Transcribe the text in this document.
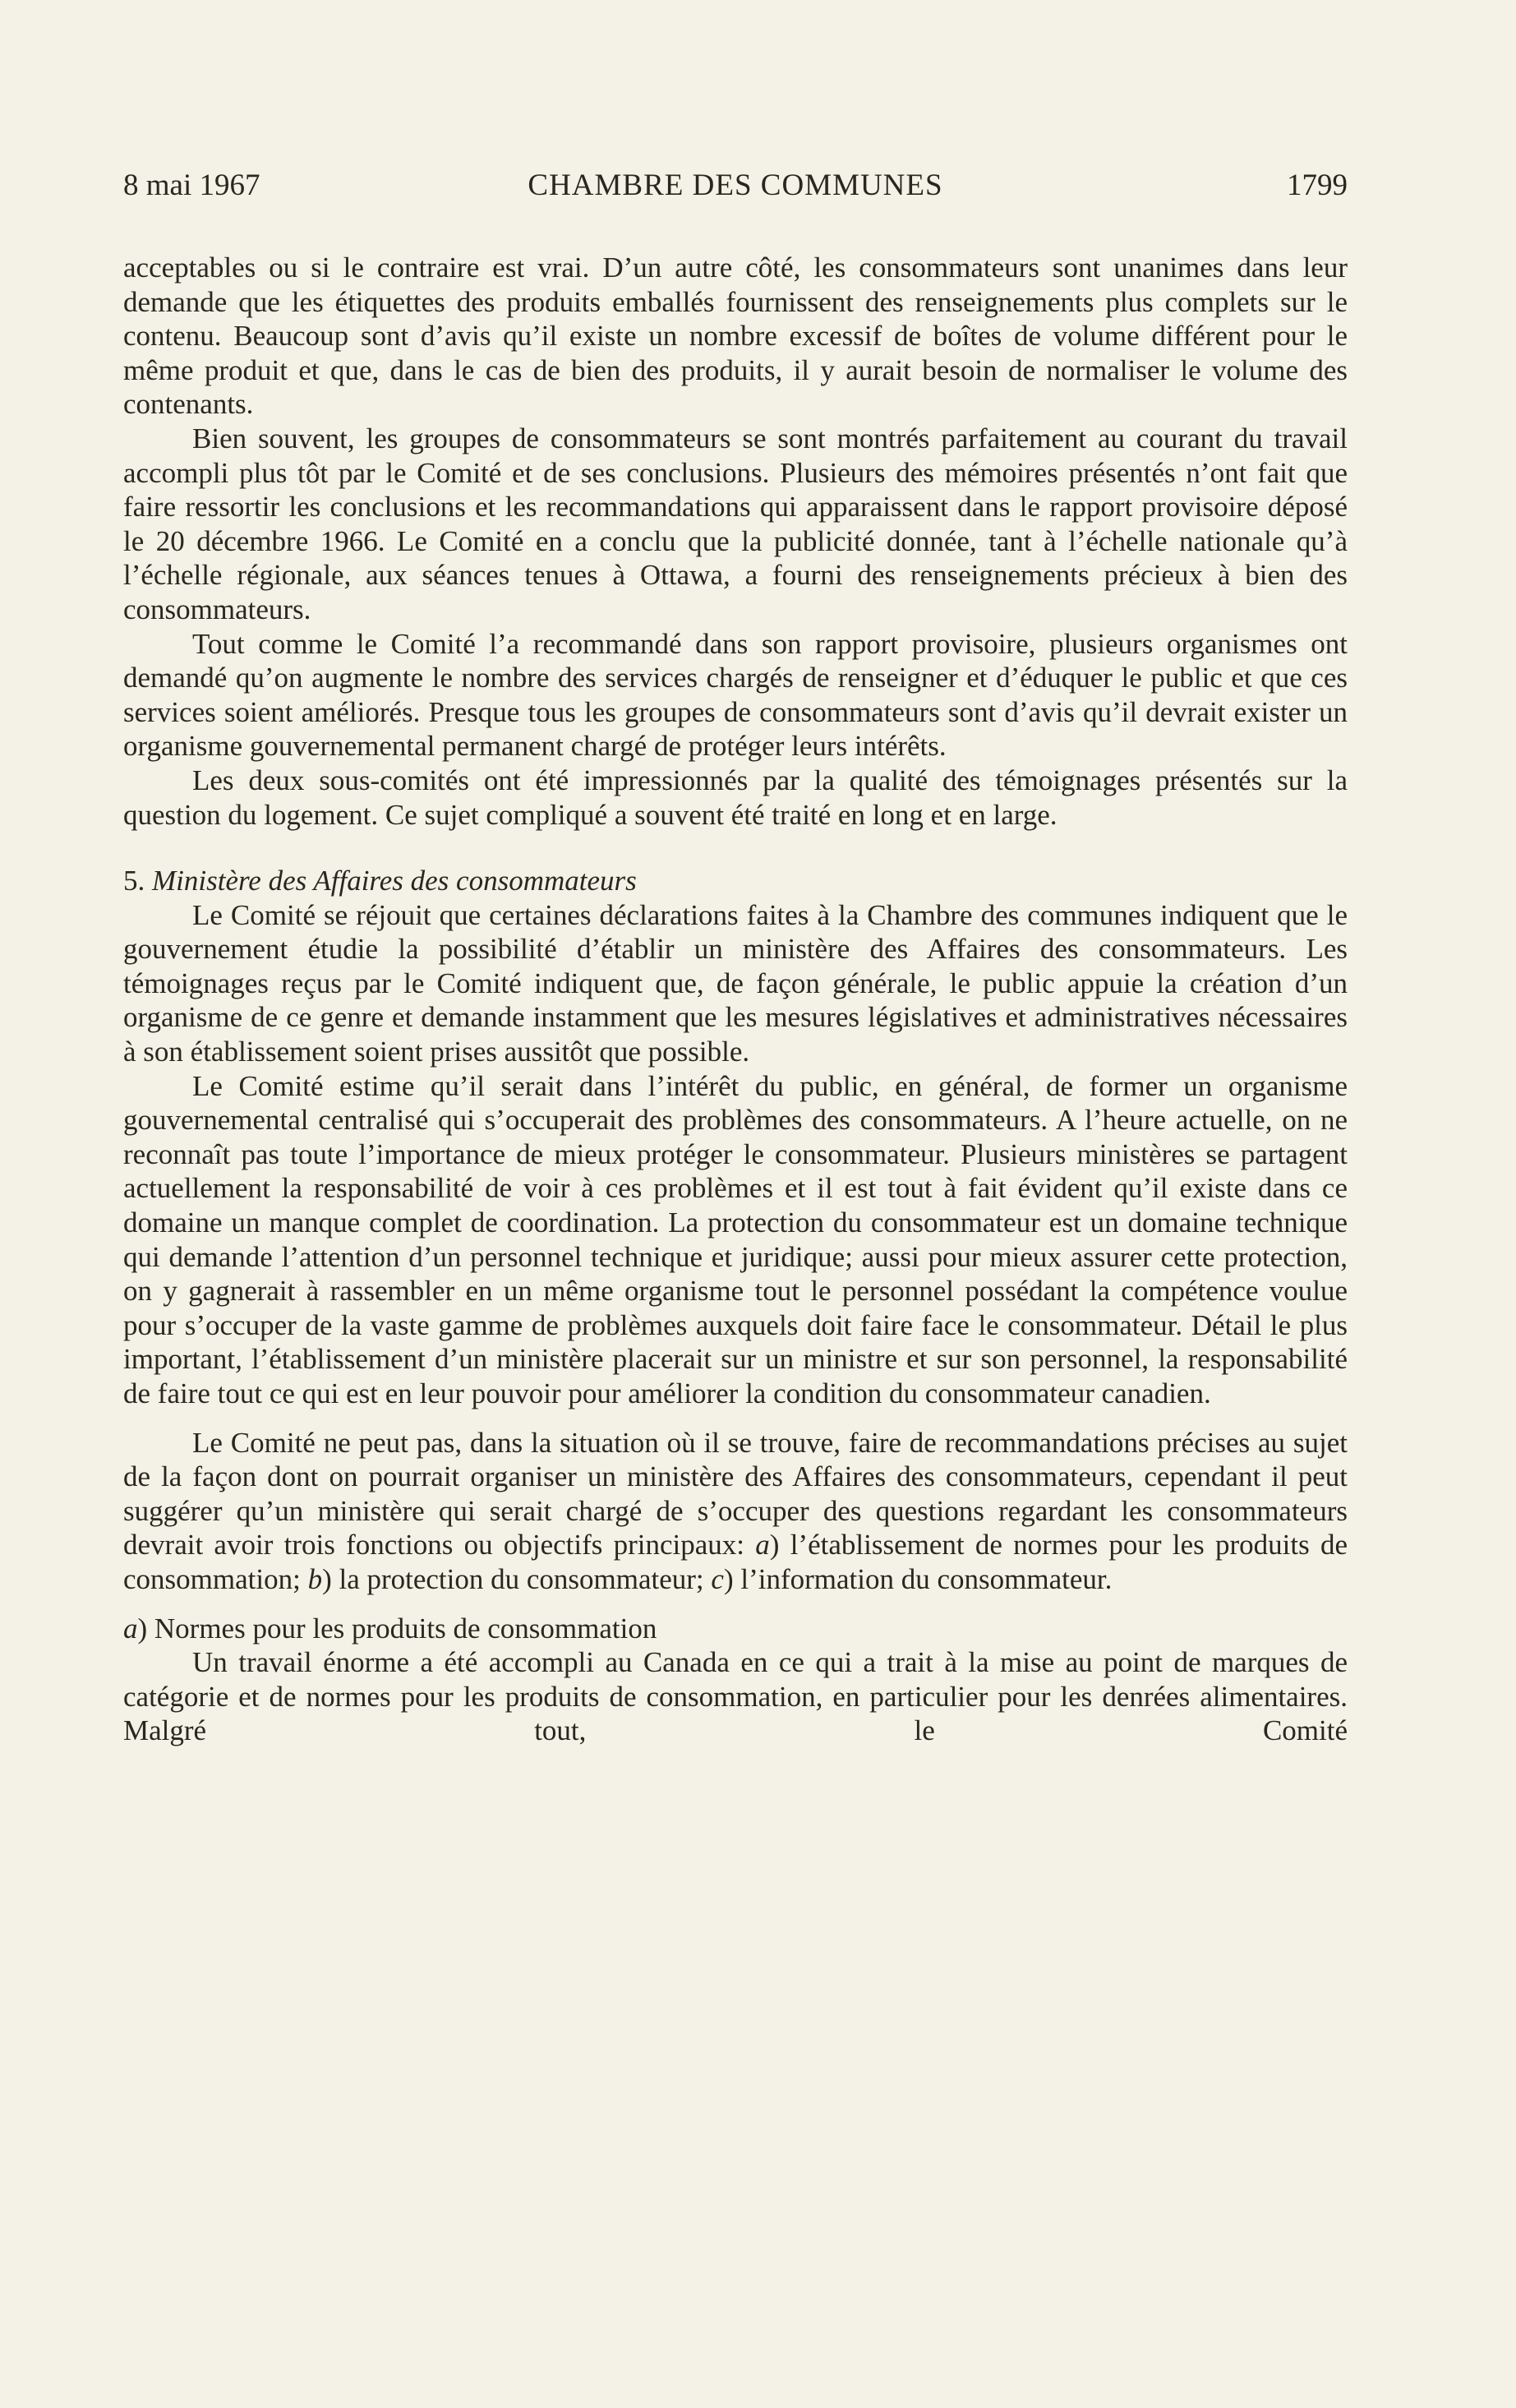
8 mai 1967	CHAMBRE DES COMMUNES	1799

acceptables ou si le contraire est vrai. D’un autre côté, les consommateurs sont unanimes dans leur demande que les étiquettes des produits emballés fournissent des renseignements plus complets sur le contenu. Beaucoup sont d’avis qu’il existe un nombre excessif de boîtes de volume différent pour le même produit et que, dans le cas de bien des produits, il y aurait besoin de normaliser le volume des contenants.

Bien souvent, les groupes de consommateurs se sont montrés parfaitement au courant du travail accompli plus tôt par le Comité et de ses conclusions. Plusieurs des mémoires présentés n’ont fait que faire ressortir les conclusions et les recommandations qui apparaissent dans le rapport provisoire déposé le 20 décembre 1966. Le Comité en a conclu que la publicité donnée, tant à l’échelle nationale qu’à l’échelle régionale, aux séances tenues à Ottawa, a fourni des renseignements précieux à bien des consommateurs.

Tout comme le Comité l’a recommandé dans son rapport provisoire, plusieurs organismes ont demandé qu’on augmente le nombre des services chargés de renseigner et d’éduquer le public et que ces services soient améliorés. Presque tous les groupes de consommateurs sont d’avis qu’il devrait exister un organisme gouvernemental permanent chargé de protéger leurs intérêts.

Les deux sous-comités ont été impressionnés par la qualité des témoignages présentés sur la question du logement. Ce sujet compliqué a souvent été traité en long et en large.

5. Ministère des Affaires des consommateurs

Le Comité se réjouit que certaines déclarations faites à la Chambre des communes indiquent que le gouvernement étudie la possibilité d’établir un ministère des Affaires des consommateurs. Les témoignages reçus par le Comité indiquent que, de façon générale, le public appuie la création d’un organisme de ce genre et demande instamment que les mesures législatives et administratives nécessaires à son établissement soient prises aussitôt que possible.

Le Comité estime qu’il serait dans l’intérêt du public, en général, de former un organisme gouvernemental centralisé qui s’occuperait des problèmes des consommateurs. A l’heure actuelle, on ne reconnaît pas toute l’importance de mieux protéger le consommateur. Plusieurs ministères se partagent actuellement la responsabilité de voir à ces problèmes et il est tout à fait évident qu’il existe dans ce domaine un manque complet de coordination. La protection du consommateur est un domaine technique qui demande l’attention d’un personnel technique et juridique; aussi pour mieux assurer cette protection, on y gagnerait à rassembler en un même organisme tout le personnel possédant la compétence voulue pour s’occuper de la vaste gamme de problèmes auxquels doit faire face le consommateur. Détail le plus important, l’établissement d’un ministère placerait sur un ministre et sur son personnel, la responsabilité de faire tout ce qui est en leur pouvoir pour améliorer la condition du consommateur canadien.

Le Comité ne peut pas, dans la situation où il se trouve, faire de recommandations précises au sujet de la façon dont on pourrait organiser un ministère des Affaires des consommateurs, cependant il peut suggérer qu’un ministère qui serait chargé de s’occuper des questions regardant les consommateurs devrait avoir trois fonctions ou objectifs principaux: a) l’établissement de normes pour les produits de consommation; b) la protection du consommateur; c) l’information du consommateur.

a) Normes pour les produits de consommation

Un travail énorme a été accompli au Canada en ce qui a trait à la mise au point de marques de catégorie et de normes pour les produits de consommation, en particulier pour les denrées alimentaires. Malgré tout, le Comité
